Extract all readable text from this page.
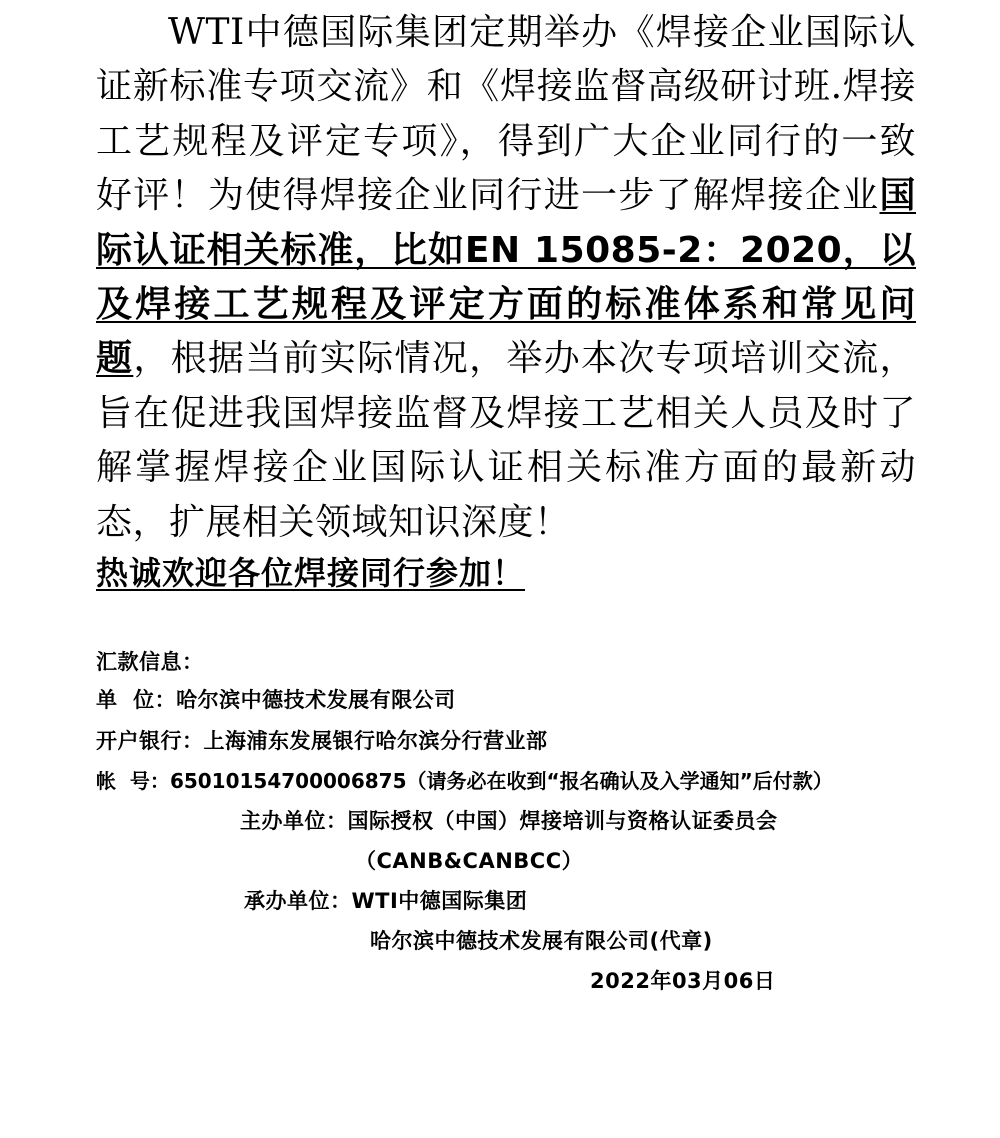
WTI中德国际集团定期举办《焊接企业国际认证新标准专项交流》和《焊接监督高级研讨班.焊接工艺规程及评定专项》，得到广大企业同行的一致好评！为使得焊接企业同行进一步了解焊接企业国际认证相关标准，比如EN 15085-2：2020，以及焊接工艺规程及评定方面的标准体系和常见问题，根据当前实际情况，举办本次专项培训交流，旨在促进我国焊接监督及焊接工艺相关人员及时了解掌握焊接企业国际认证相关标准方面的最新动态，扩展相关领域知识深度！

热诚欢迎各位焊接同行参加！

汇款信息：

单  位：哈尔滨中德技术发展有限公司

开户银行：上海浦东发展银行哈尔滨分行营业部

帐  号：65010154700006875（请务必在收到“报名确认及入学通知”后付款）

主办单位：国际授权（中国）焊接培训与资格认证委员会

（CANB&CANBCC）

承办单位：WTI中德国际集团

哈尔滨中德技术发展有限公司(代章)

2022年03月06日
